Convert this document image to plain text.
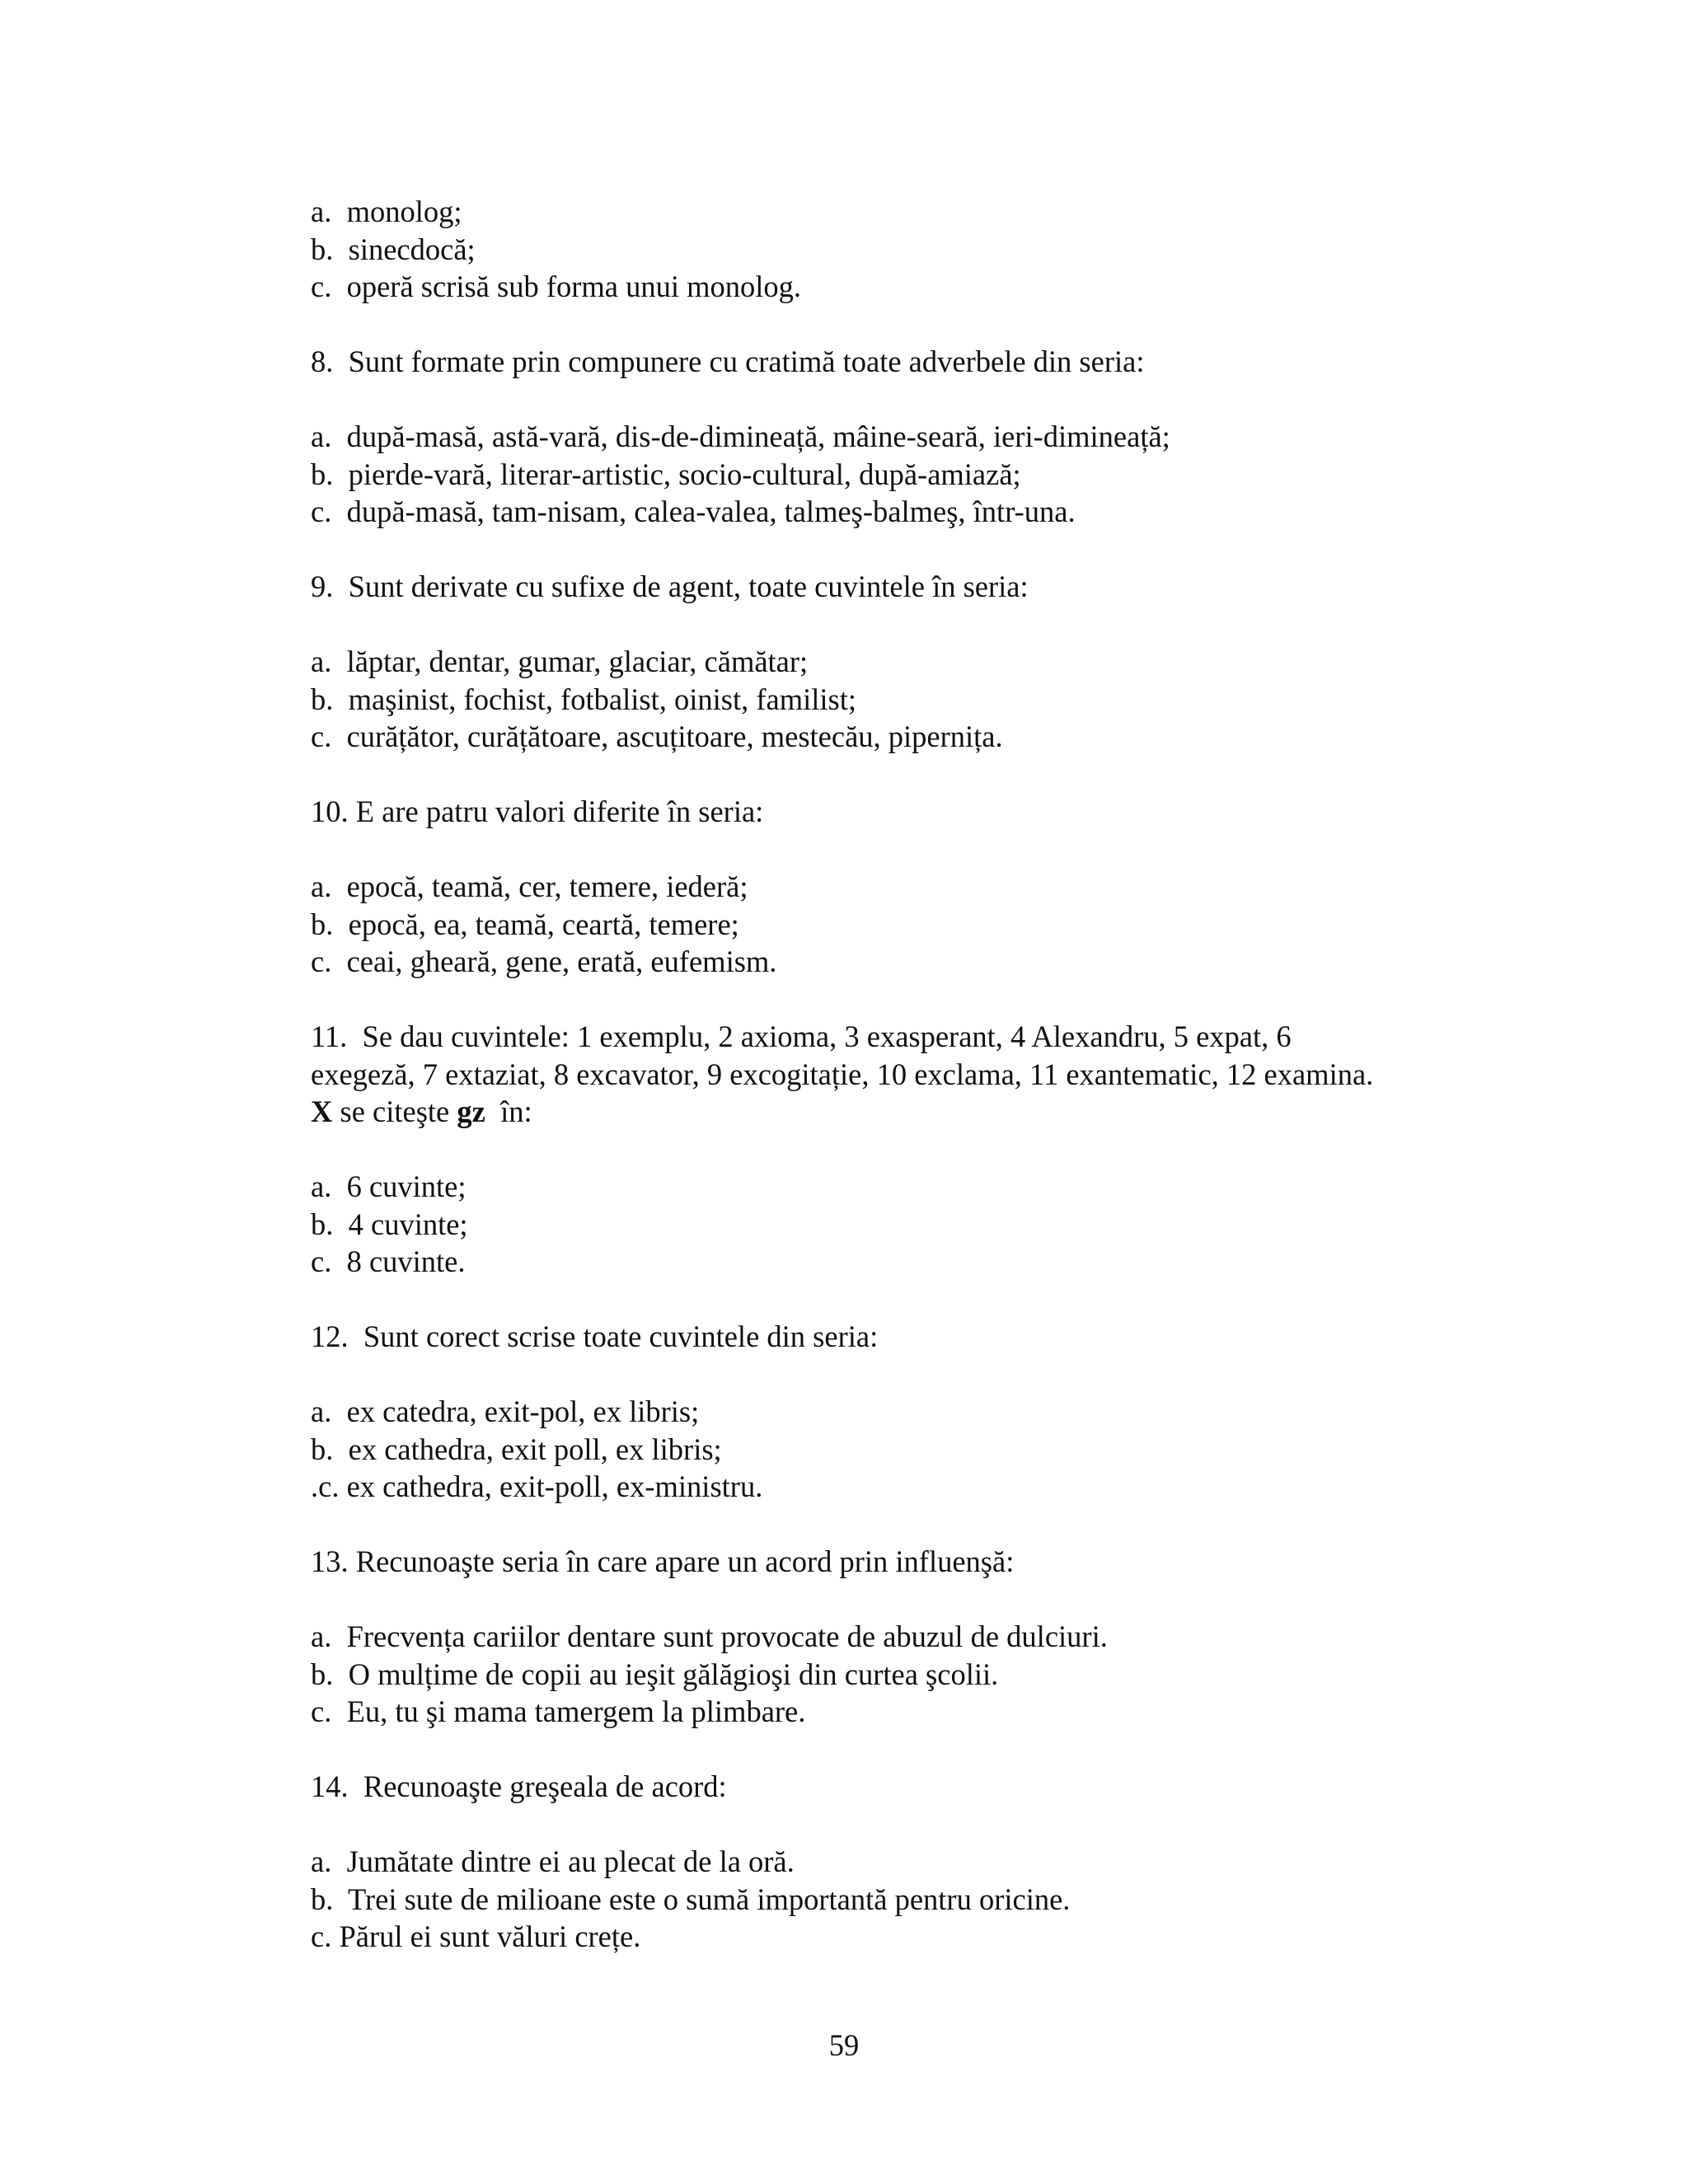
a.  monolog;
b.  sinecdocă;
c.  operă scrisă sub forma unui monolog.
8.  Sunt formate prin compunere cu cratimă toate adverbele din seria:
a.  după-masă, astă-vară, dis-de-dimineață, mâine-seară, ieri-dimineață;
b.  pierde-vară, literar-artistic, socio-cultural, după-amiază;
c.  după-masă, tam-nisam, calea-valea, talmeş-balmeş, într-una.
9.  Sunt derivate cu sufixe de agent, toate cuvintele în seria:
a.  lăptar, dentar, gumar, glaciar, cămătar;
b.  maşinist, fochist, fotbalist, oinist, familist;
c.  curățător, curățătoare, ascuțitoare, mestecău, pipernița.
10. E are patru valori diferite în seria:
a.  epocă, teamă, cer, temere, iederă;
b.  epocă, ea, teamă, ceartă, temere;
c.  ceai, gheară, gene, erată, eufemism.
11.  Se dau cuvintele: 1 exemplu, 2 axioma, 3 exasperant, 4 Alexandru, 5 expat, 6
exegeză, 7 extaziat, 8 excavator, 9 excogitație, 10 exclama, 11 exantematic, 12 examina.
X se citeşte gz  în:
a.  6 cuvinte;
b.  4 cuvinte;
c.  8 cuvinte.
12.  Sunt corect scrise toate cuvintele din seria:
a.  ex catedra, exit-pol, ex libris;
b.  ex cathedra, exit poll, ex libris;
.c. ex cathedra, exit-poll, ex-ministru.
13. Recunoaşte seria în care apare un acord prin influenşă:
a.  Frecvența cariilor dentare sunt provocate de abuzul de dulciuri.
b.  O mulțime de copii au ieşit gălăgioşi din curtea şcolii.
c.  Eu, tu şi mama tamergem la plimbare.
14.  Recunoaşte greşeala de acord:
a.  Jumătate dintre ei au plecat de la oră.
b.  Trei sute de milioane este o sumă importantă pentru oricine.
c. Părul ei sunt văluri crețe.
59
